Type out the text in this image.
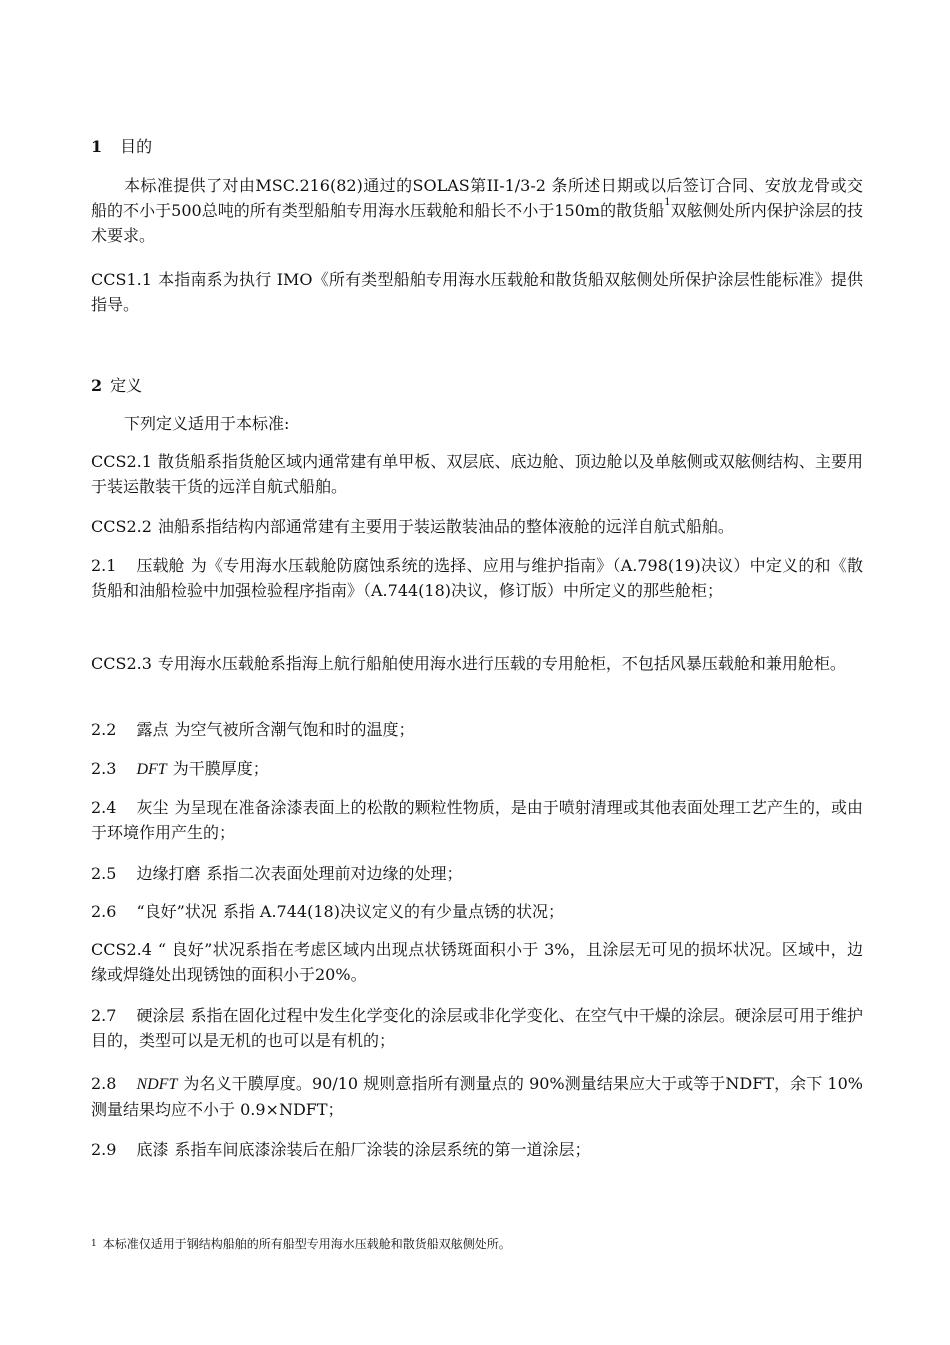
1 目的
本标准提供了对由MSC.216(82)通过的SOLAS第II-1/3-2 条所述日期或以后签订合同、安放龙骨或交船的不小于500总吨的所有类型船舶专用海水压载舱和船长不小于150m的散货船$^1$双舷侧处所内保护涂层的技术要求。
CCS1.1 本指南系为执行 IMO《所有类型船舶专用海水压载舱和散货船双舷侧处所保护涂层性能标准》提供指导。
2 定义
下列定义适用于本标准:
CCS2.1 散货船系指货舱区域内通常建有单甲板、双层底、底边舱、顶边舱以及单舷侧或双舷侧结构、主要用于装运散装干货的远洋自航式船舶。
CCS2.2 油船系指结构内部通常建有主要用于装运散装油品的整体液舱的远洋自航式船舶。
2.1 压载舱 为《专用海水压载舱防腐蚀系统的选择、应用与维护指南》（A.798(19)决议）中定义的和《散货船和油船检验中加强检验程序指南》（A.744(18)决议，修订版）中所定义的那些舱柜；
CCS2.3 专用海水压载舱系指海上航行船舶使用海水进行压载的专用舱柜，不包括风暴压载舱和兼用舱柜。
2.2 露点 为空气被所含潮气饱和时的温度；
2.3 DFT 为干膜厚度；
2.4 灰尘 为呈现在准备涂漆表面上的松散的颗粒性物质，是由于喷射清理或其他表面处理工艺产生的，或由于环境作用产生的；
2.5 边缘打磨 系指二次表面处理前对边缘的处理；
2.6 “良好”状况 系指 A.744(18)决议定义的有少量点锈的状况；
CCS2.4 “ 良好”状况系指在考虑区域内出现点状锈斑面积小于 3%，且涂层无可见的损坏状况。区域中，边缘或焊缝处出现锈蚀的面积小于20%。
2.7 硬涂层 系指在固化过程中发生化学变化的涂层或非化学变化、在空气中干燥的涂层。硬涂层可用于维护目的，类型可以是无机的也可以是有机的；
2.8 NDFT 为名义干膜厚度。90/10 规则意指所有测量点的 90%测量结果应大于或等于NDFT，余下 10%测量结果均应不小于 0.9×NDFT；
2.9 底漆 系指车间底漆涂装后在船厂涂装的涂层系统的第一道涂层；
$^1$ 本标准仅适用于钢结构船舶的所有船型专用海水压载舱和散货船双舷侧处所。
